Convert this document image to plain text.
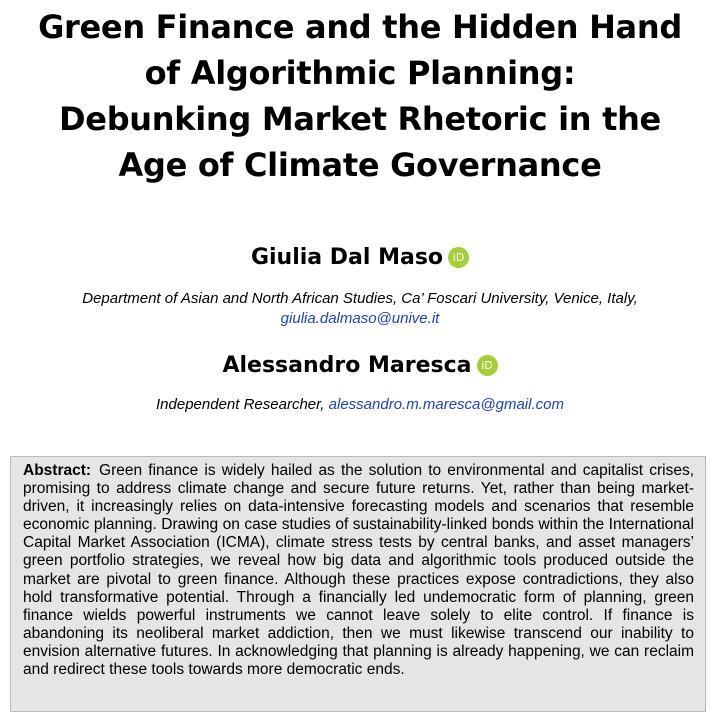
Green Finance and the Hidden Hand
of Algorithmic Planning:
Debunking Market Rhetoric in the
Age of Climate Governance
Giulia Dal Maso iD
Department of Asian and North African Studies, Ca’ Foscari University, Venice, Italy,
giulia.dalmaso@unive.it
Alessandro Maresca iD
Independent Researcher, alessandro.m.maresca@gmail.com

Abstract: Green finance is widely hailed as the solution to environmental and capitalist crises, promising to address climate change and secure future returns. Yet, rather than being market-driven, it increasingly relies on data-intensive forecasting models and scenarios that resemble economic planning. Drawing on case studies of sustainability-linked bonds within the International Capital Market Association (ICMA), climate stress tests by central banks, and asset managers’ green portfolio strategies, we reveal how big data and algorithmic tools produced outside the market are pivotal to green finance. Although these practices expose contradictions, they also hold transformative potential. Through a financially led undemocratic form of planning, green finance wields powerful instruments we cannot leave solely to elite control. If finance is abandoning its neoliberal market addiction, then we must likewise transcend our inability to envision alternative futures. In acknowledging that planning is already happening, we can reclaim and redirect these tools towards more democratic ends.
